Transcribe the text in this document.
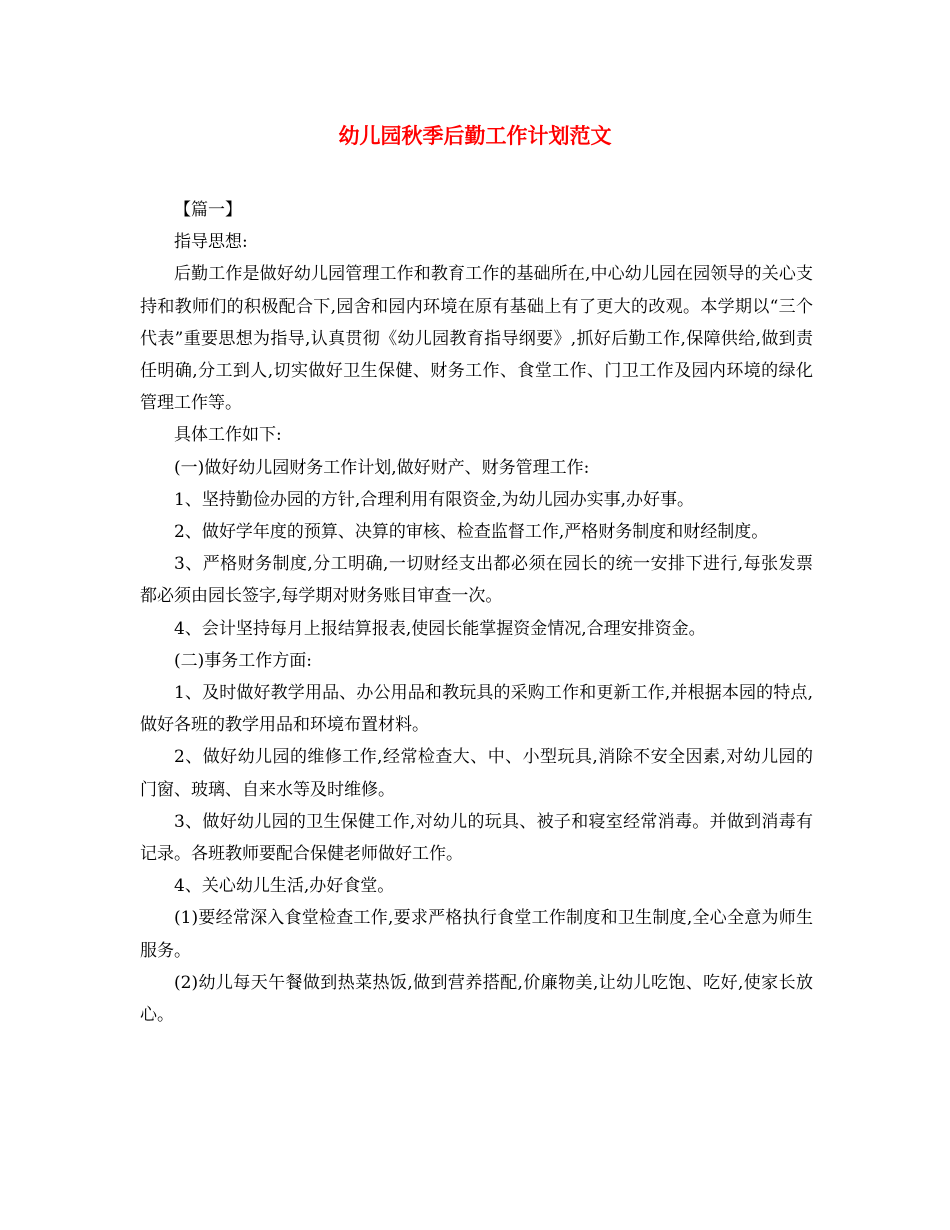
幼儿园秋季后勤工作计划范文

【篇一】

指导思想:

后勤工作是做好幼儿园管理工作和教育工作的基础所在,中心幼儿园在园领导的关心支持和教师们的积极配合下,园舍和园内环境在原有基础上有了更大的改观。本学期以“三个代表”重要思想为指导,认真贯彻《幼儿园教育指导纲要》,抓好后勤工作,保障供给,做到责任明确,分工到人,切实做好卫生保健、财务工作、食堂工作、门卫工作及园内环境的绿化管理工作等。

具体工作如下:

(一)做好幼儿园财务工作计划,做好财产、财务管理工作:

1、坚持勤俭办园的方针,合理利用有限资金,为幼儿园办实事,办好事。

2、做好学年度的预算、决算的审核、检查监督工作,严格财务制度和财经制度。

3、严格财务制度,分工明确,一切财经支出都必须在园长的统一安排下进行,每张发票都必须由园长签字,每学期对财务账目审查一次。

4、会计坚持每月上报结算报表,使园长能掌握资金情况,合理安排资金。

(二)事务工作方面:

1、及时做好教学用品、办公用品和教玩具的采购工作和更新工作,并根据本园的特点,做好各班的教学用品和环境布置材料。

2、做好幼儿园的维修工作,经常检查大、中、小型玩具,消除不安全因素,对幼儿园的门窗、玻璃、自来水等及时维修。

3、做好幼儿园的卫生保健工作,对幼儿的玩具、被子和寝室经常消毒。并做到消毒有记录。各班教师要配合保健老师做好工作。

4、关心幼儿生活,办好食堂。

(1)要经常深入食堂检查工作,要求严格执行食堂工作制度和卫生制度,全心全意为师生服务。

(2)幼儿每天午餐做到热菜热饭,做到营养搭配,价廉物美,让幼儿吃饱、吃好,使家长放心。
